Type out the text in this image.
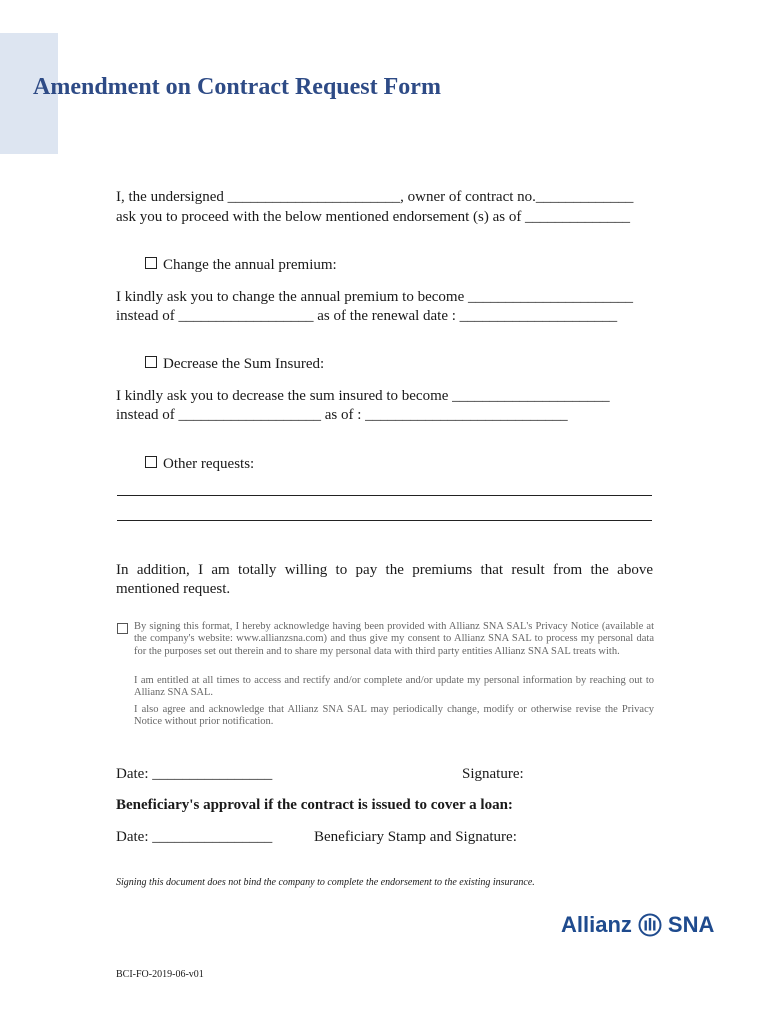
Amendment on Contract Request Form
I, the undersigned _______________________, owner of contract no._____________
ask you to proceed with the below mentioned endorsement (s) as of ______________
Change the annual premium:
I kindly ask you to change the annual premium to become ______________________
instead of __________________ as of the renewal date : _____________________
Decrease the Sum Insured:
I kindly ask you to decrease the sum insured to become _____________________
instead of ___________________ as of : ___________________________
Other requests:
In addition, I am totally willing to pay the premiums that result from the above mentioned request.
By signing this format, I hereby acknowledge having been provided with Allianz SNA SAL's Privacy Notice (available at the company's website: www.allianzsna.com) and thus give my consent to Allianz SNA SAL to process my personal data for the purposes set out therein and to share my personal data with third party entities Allianz SNA SAL treats with.
I am entitled at all times to access and rectify and/or complete and/or update my personal information by reaching out to Allianz SNA SAL.
I also agree and acknowledge that Allianz SNA SAL may periodically change, modify or otherwise revise the Privacy Notice without prior notification.
Date: ________________	Signature:
Beneficiary's approval if the contract is issued to cover a loan:
Date: ________________	Beneficiary Stamp and Signature:
Signing this document does not bind the company to complete the endorsement to the existing insurance.
Allianz SNA
BCI-FO-2019-06-v01
